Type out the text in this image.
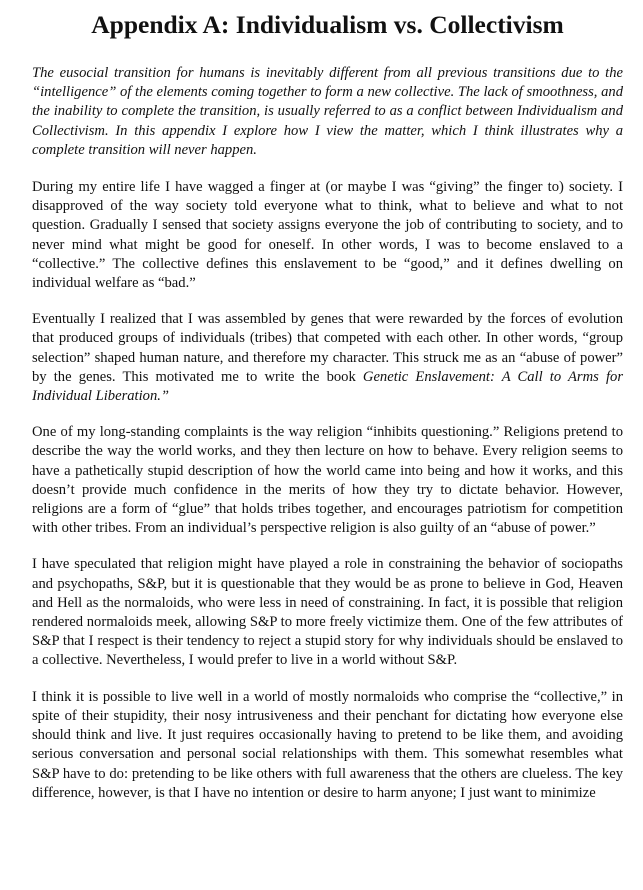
Appendix A: Individualism vs. Collectivism

The eusocial transition for humans is inevitably different from all previous transitions due to the “intelligence” of the elements coming together to form a new collective. The lack of smoothness, and the inability to complete the transition, is usually referred to as a conflict between Individualism and Collectivism. In this appendix I explore how I view the matter, which I think illustrates why a complete transition will never happen.

During my entire life I have wagged a finger at (or maybe I was “giving” the finger to) society. I disapproved of the way society told everyone what to think, what to believe and what to not question. Gradually I sensed that society assigns everyone the job of contributing to society, and to never mind what might be good for oneself. In other words, I was to become enslaved to a “collective.” The collective defines this enslavement to be “good,” and it defines dwelling on individual welfare as “bad.”

Eventually I realized that I was assembled by genes that were rewarded by the forces of evolution that produced groups of individuals (tribes) that competed with each other. In other words, “group selection” shaped human nature, and therefore my character. This struck me as an “abuse of power” by the genes. This motivated me to write the book Genetic Enslavement: A Call to Arms for Individual Liberation.”

One of my long-standing complaints is the way religion “inhibits questioning.” Religions pretend to describe the way the world works, and they then lecture on how to behave. Every religion seems to have a pathetically stupid description of how the world came into being and how it works, and this doesn’t provide much confidence in the merits of how they try to dictate behavior. However, religions are a form of “glue” that holds tribes together, and encourages patriotism for competition with other tribes. From an individual’s perspective religion is also guilty of an “abuse of power.”

I have speculated that religion might have played a role in constraining the behavior of sociopaths and psychopaths, S&P, but it is questionable that they would be as prone to believe in God, Heaven and Hell as the normaloids, who were less in need of constraining. In fact, it is possible that religion rendered normaloids meek, allowing S&P to more freely victimize them. One of the few attributes of S&P that I respect is their tendency to reject a stupid story for why individuals should be enslaved to a collective. Nevertheless, I would prefer to live in a world without S&P.

I think it is possible to live well in a world of mostly normaloids who comprise the “collective,” in spite of their stupidity, their nosy intrusiveness and their penchant for dictating how everyone else should think and live. It just requires occasionally having to pretend to be like them, and avoiding serious conversation and personal social relationships with them. This somewhat resembles what S&P have to do: pretending to be like others with full awareness that the others are clueless. The key difference, however, is that I have no intention or desire to harm anyone; I just want to minimize
